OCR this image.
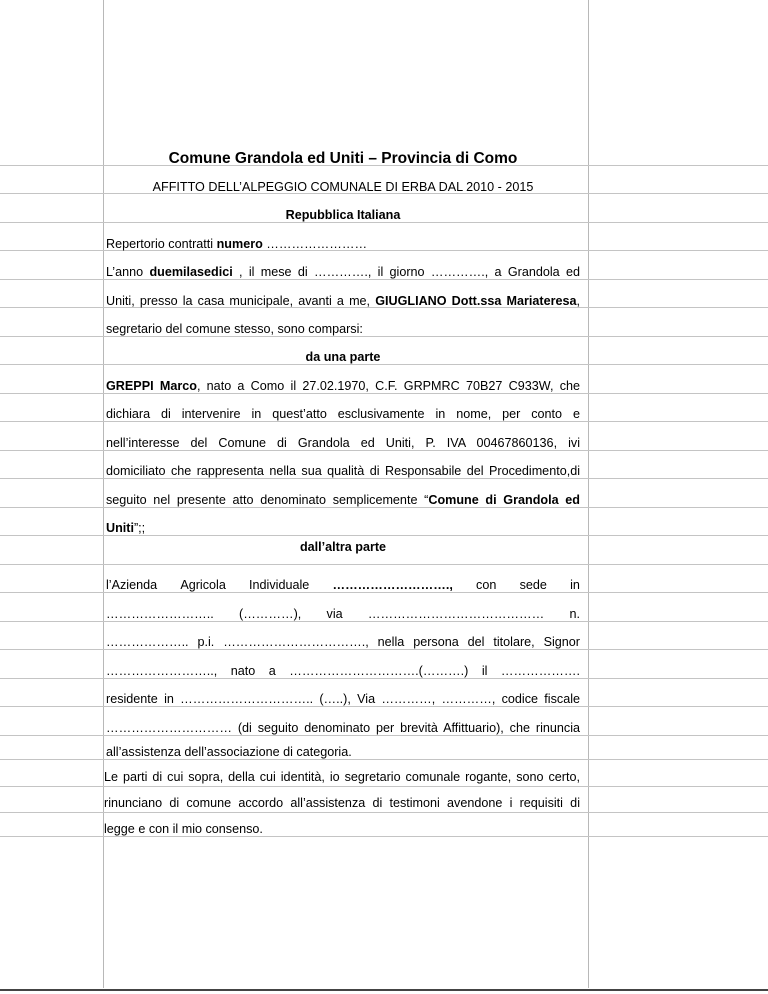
Comune Grandola ed Uniti – Provincia di Como
AFFITTO DELL’ALPEGGIO COMUNALE DI ERBA DAL 2010 - 2015
Repubblica Italiana
Repertorio contratti numero ……………………
L’anno duemilasedici , il mese di …………., il giorno …………., a Grandola ed
Uniti, presso la casa municipale, avanti a me, GIUGLIANO Dott.ssa Mariateresa,
segretario del comune stesso, sono comparsi:
da una parte
GREPPI Marco, nato a Como il 27.02.1970, C.F. GRPMRC 70B27 C933W, che
dichiara di intervenire in quest’atto esclusivamente in nome, per conto e
nell’interesse del Comune di Grandola ed Uniti, P. IVA 00467860136, ivi
domiciliato che rappresenta nella sua qualità di Responsabile del Procedimento,di
seguito nel presente atto denominato semplicemente “Comune di Grandola ed
Uniti”;;
dall’altra parte
l’Azienda Agricola Individuale ………………………., con sede in
…………………….. (…………), via …………………………………… n.
……………….. p.i. ……………………………., nella persona del titolare, Signor
…………………….., nato a ………………………….(……….) il ……………….
residente in ………………………….. (…..), Via …………, …………, codice fiscale
………………………… (di seguito denominato per brevità Affittuario), che rinuncia
all’assistenza dell’associazione di categoria.
Le parti di cui sopra, della cui identità, io segretario comunale rogante, sono certo,
rinunciano di comune accordo all’assistenza di testimoni avendone i requisiti di
legge e con il mio consenso.
